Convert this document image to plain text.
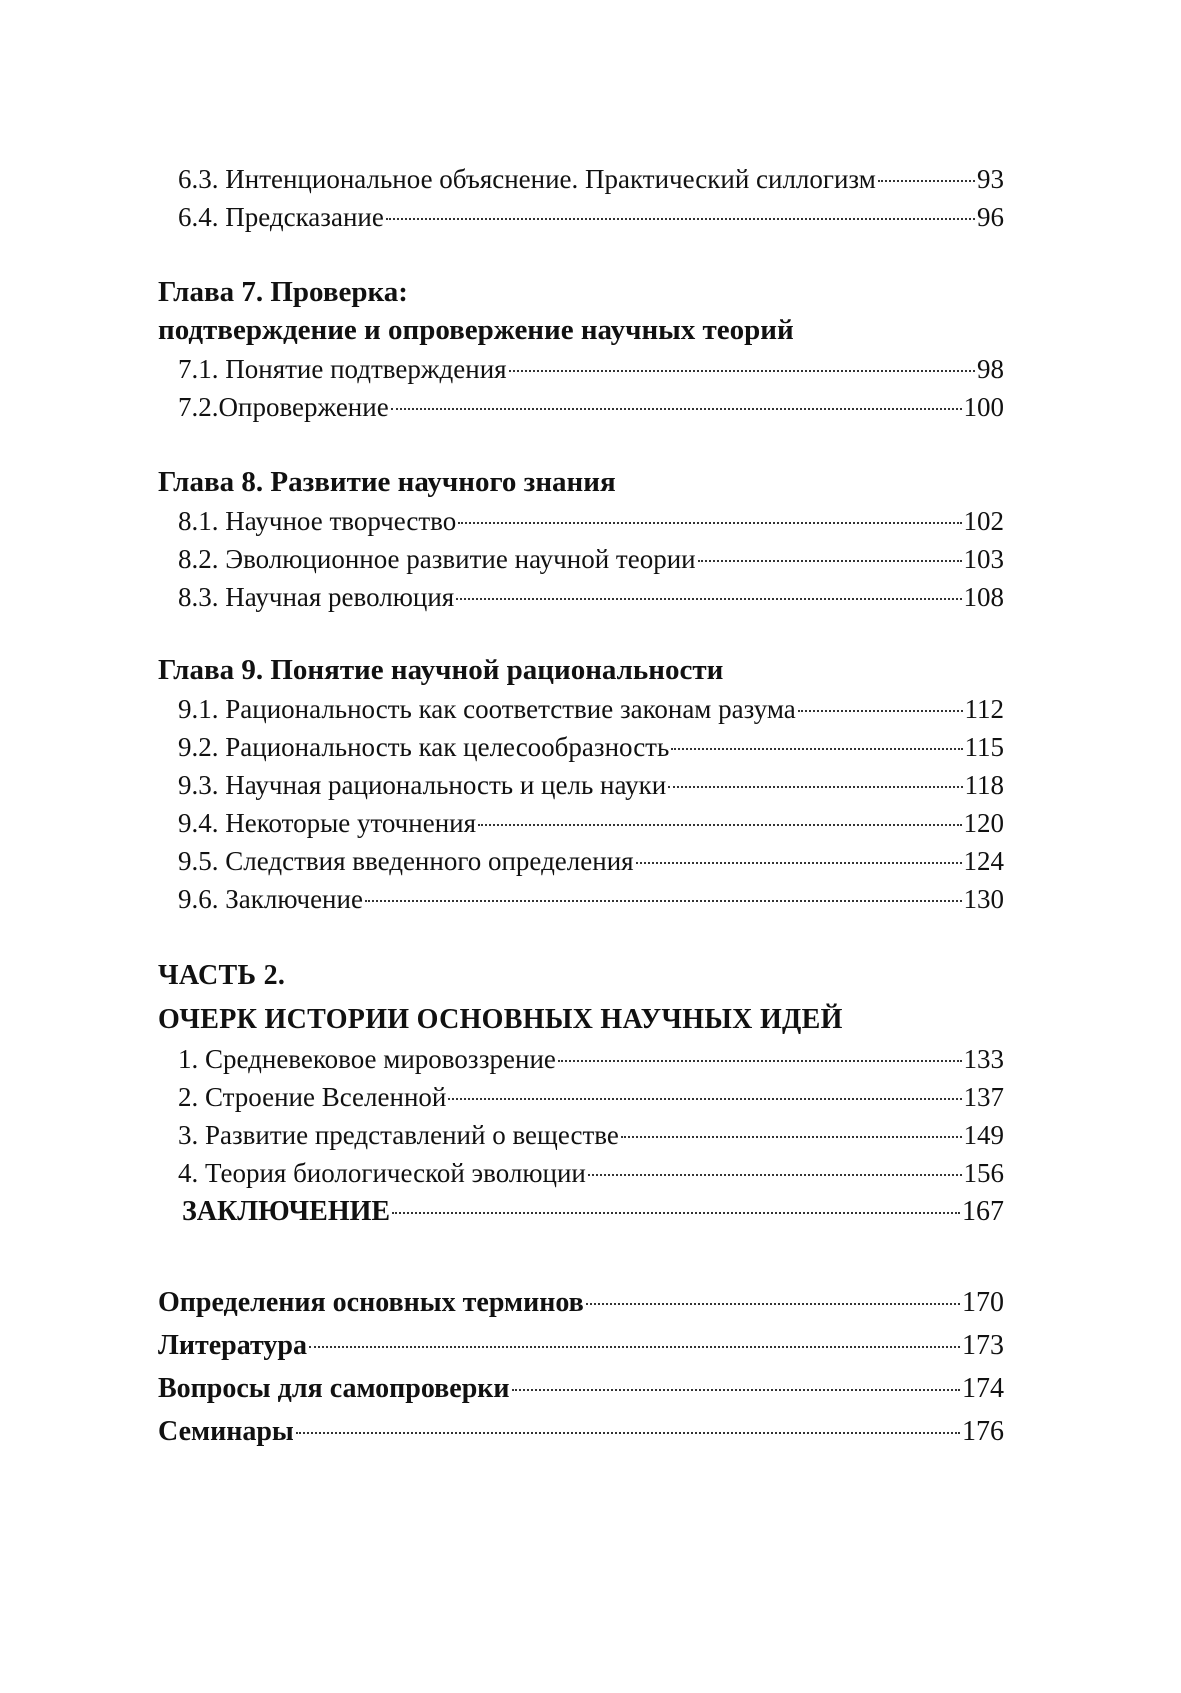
6.3. Интенциональное объяснение. Практический силлогизм	93
6.4. Предсказание	96
Глава 7. Проверка:
подтверждение и опровержение научных теорий
7.1. Понятие подтверждения	98
7.2.Опровержение	100
Глава 8. Развитие научного знания
8.1. Научное творчество	102
8.2. Эволюционное развитие научной теории	103
8.3. Научная революция	108
Глава 9. Понятие научной рациональности
9.1. Рациональность как соответствие законам разума	112
9.2. Рациональность как целесообразность	115
9.3. Научная рациональность и цель науки	118
9.4. Некоторые уточнения	120
9.5. Следствия введенного определения	124
9.6. Заключение	130
ЧАСТЬ 2.
ОЧЕРК ИСТОРИИ ОСНОВНЫХ НАУЧНЫХ ИДЕЙ
1. Средневековое мировоззрение	133
2. Строение Вселенной	137
3. Развитие представлений о веществе	149
4. Теория биологической эволюции	156
ЗАКЛЮЧЕНИЕ	167
Определения основных терминов	170
Литература	173
Вопросы для самопроверки	174
Семинары	176
